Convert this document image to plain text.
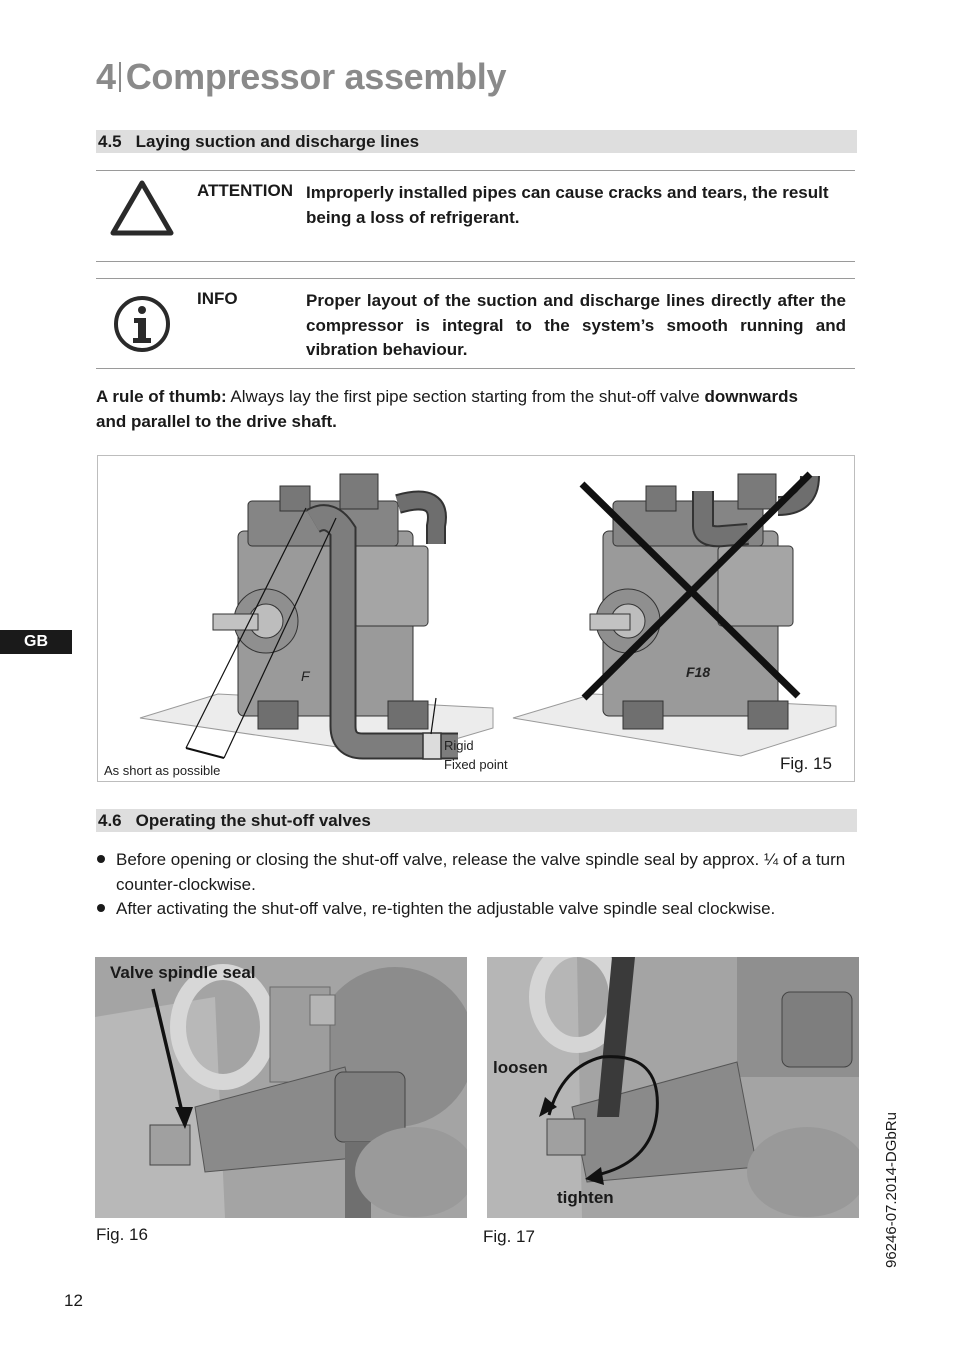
4 Compressor assembly
4.5 Laying suction and discharge lines
ATTENTION Improperly installed pipes can cause cracks and tears, the result
being a loss of refrigerant.
INFO	Proper layout of the suction and discharge lines directly after the compressor is integral to the system’s smooth running and vibration behaviour.
A rule of thumb: Always lay the first pipe section starting from the shut-off valve downwards
and parallel to the drive shaft.
F	F18
As short as possible
Rigid
Fixed point	Fig. 15
GB
4.6 Operating the shut-off valves
Before opening or closing the shut-off valve, release the valve spindle seal by approx. ¼ of a turn
counter-clockwise.
After activating the shut-off valve, re-tighten the adjustable valve spindle seal clockwise.
Valve spindle seal
Fig. 16
loosen
tighten
Fig. 17	96246-07.2014-DGbRu
12
